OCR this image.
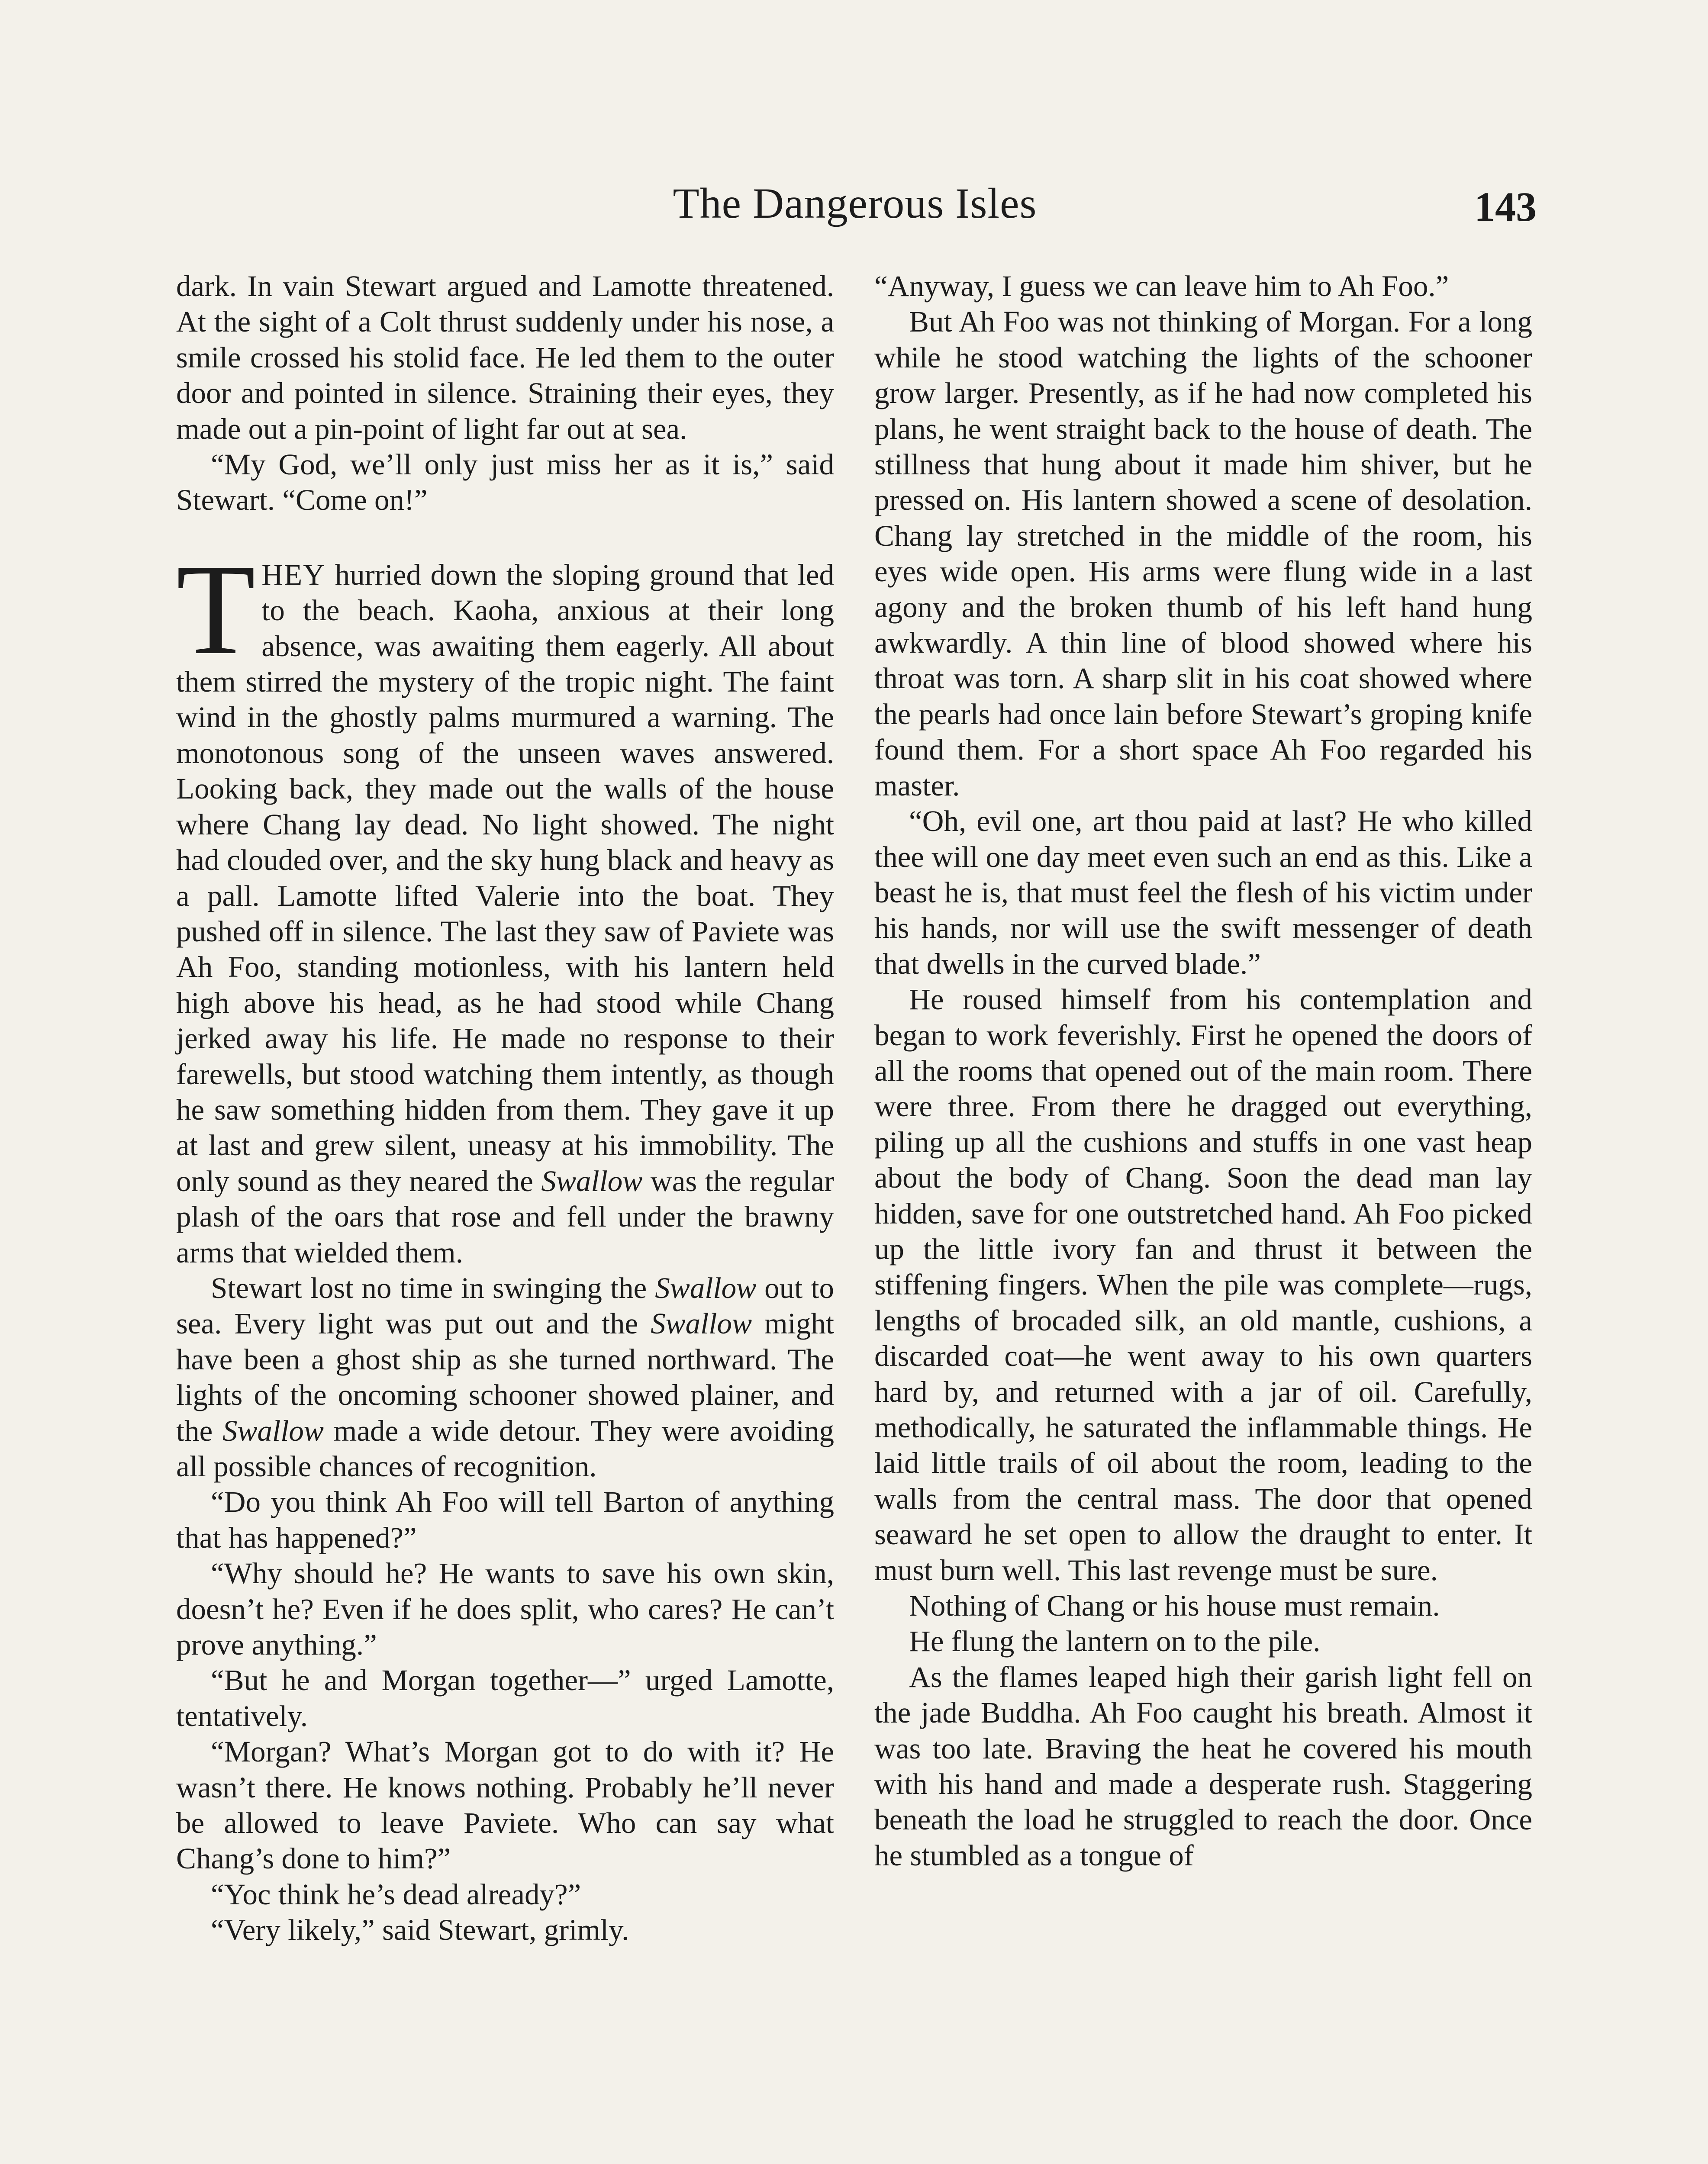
The Dangerous Isles	143

dark. In vain Stewart argued and Lamotte threatened. At the sight of a Colt thrust suddenly under his nose, a smile crossed his stolid face. He led them to the outer door and pointed in silence. Straining their eyes, they made out a pin-point of light far out at sea.

“My God, we’ll only just miss her as it is,” said Stewart. “Come on!”

THEY hurried down the sloping ground that led to the beach. Kaoha, anxious at their long absence, was awaiting them eagerly. All about them stirred the mystery of the tropic night. The faint wind in the ghostly palms murmured a warning. The monotonous song of the unseen waves answered. Looking back, they made out the walls of the house where Chang lay dead. No light showed. The night had clouded over, and the sky hung black and heavy as a pall. Lamotte lifted Valerie into the boat. They pushed off in silence. The last they saw of Paviete was Ah Foo, standing motionless, with his lantern held high above his head, as he had stood while Chang jerked away his life. He made no response to their farewells, but stood watching them intently, as though he saw something hidden from them. They gave it up at last and grew silent, uneasy at his immobility. The only sound as they neared the Swallow was the regular plash of the oars that rose and fell under the brawny arms that wielded them.

Stewart lost no time in swinging the Swallow out to sea. Every light was put out and the Swallow might have been a ghost ship as she turned northward. The lights of the oncoming schooner showed plainer, and the Swallow made a wide detour. They were avoiding all possible chances of recognition.

“Do you think Ah Foo will tell Barton of anything that has happened?”

“Why should he? He wants to save his own skin, doesn’t he? Even if he does split, who cares? He can’t prove anything.”

“But he and Morgan together—” urged Lamotte, tentatively.

“Morgan? What’s Morgan got to do with it? He wasn’t there. He knows nothing. Probably he’ll never be allowed to leave Paviete. Who can say what Chang’s done to him?”

“Yoc think he’s dead already?”

“Very likely,” said Stewart, grimly.

“Anyway, I guess we can leave him to Ah Foo.”

But Ah Foo was not thinking of Morgan. For a long while he stood watching the lights of the schooner grow larger. Presently, as if he had now completed his plans, he went straight back to the house of death. The stillness that hung about it made him shiver, but he pressed on. His lantern showed a scene of desolation. Chang lay stretched in the middle of the room, his eyes wide open. His arms were flung wide in a last agony and the broken thumb of his left hand hung awkwardly. A thin line of blood showed where his throat was torn. A sharp slit in his coat showed where the pearls had once lain before Stewart’s groping knife found them. For a short space Ah Foo regarded his master.

“Oh, evil one, art thou paid at last? He who killed thee will one day meet even such an end as this. Like a beast he is, that must feel the flesh of his victim under his hands, nor will use the swift messenger of death that dwells in the curved blade.”

He roused himself from his contemplation and began to work feverishly. First he opened the doors of all the rooms that opened out of the main room. There were three. From there he dragged out everything, piling up all the cushions and stuffs in one vast heap about the body of Chang. Soon the dead man lay hidden, save for one outstretched hand. Ah Foo picked up the little ivory fan and thrust it between the stiffening fingers. When the pile was complete—rugs, lengths of brocaded silk, an old mantle, cushions, a discarded coat—he went away to his own quarters hard by, and returned with a jar of oil. Carefully, methodically, he saturated the inflammable things. He laid little trails of oil about the room, leading to the walls from the central mass. The door that opened seaward he set open to allow the draught to enter. It must burn well. This last revenge must be sure.

Nothing of Chang or his house must remain.

He flung the lantern on to the pile.

As the flames leaped high their garish light fell on the jade Buddha. Ah Foo caught his breath. Almost it was too late. Braving the heat he covered his mouth with his hand and made a desperate rush. Staggering beneath the load he struggled to reach the door. Once he stumbled as a tongue of
